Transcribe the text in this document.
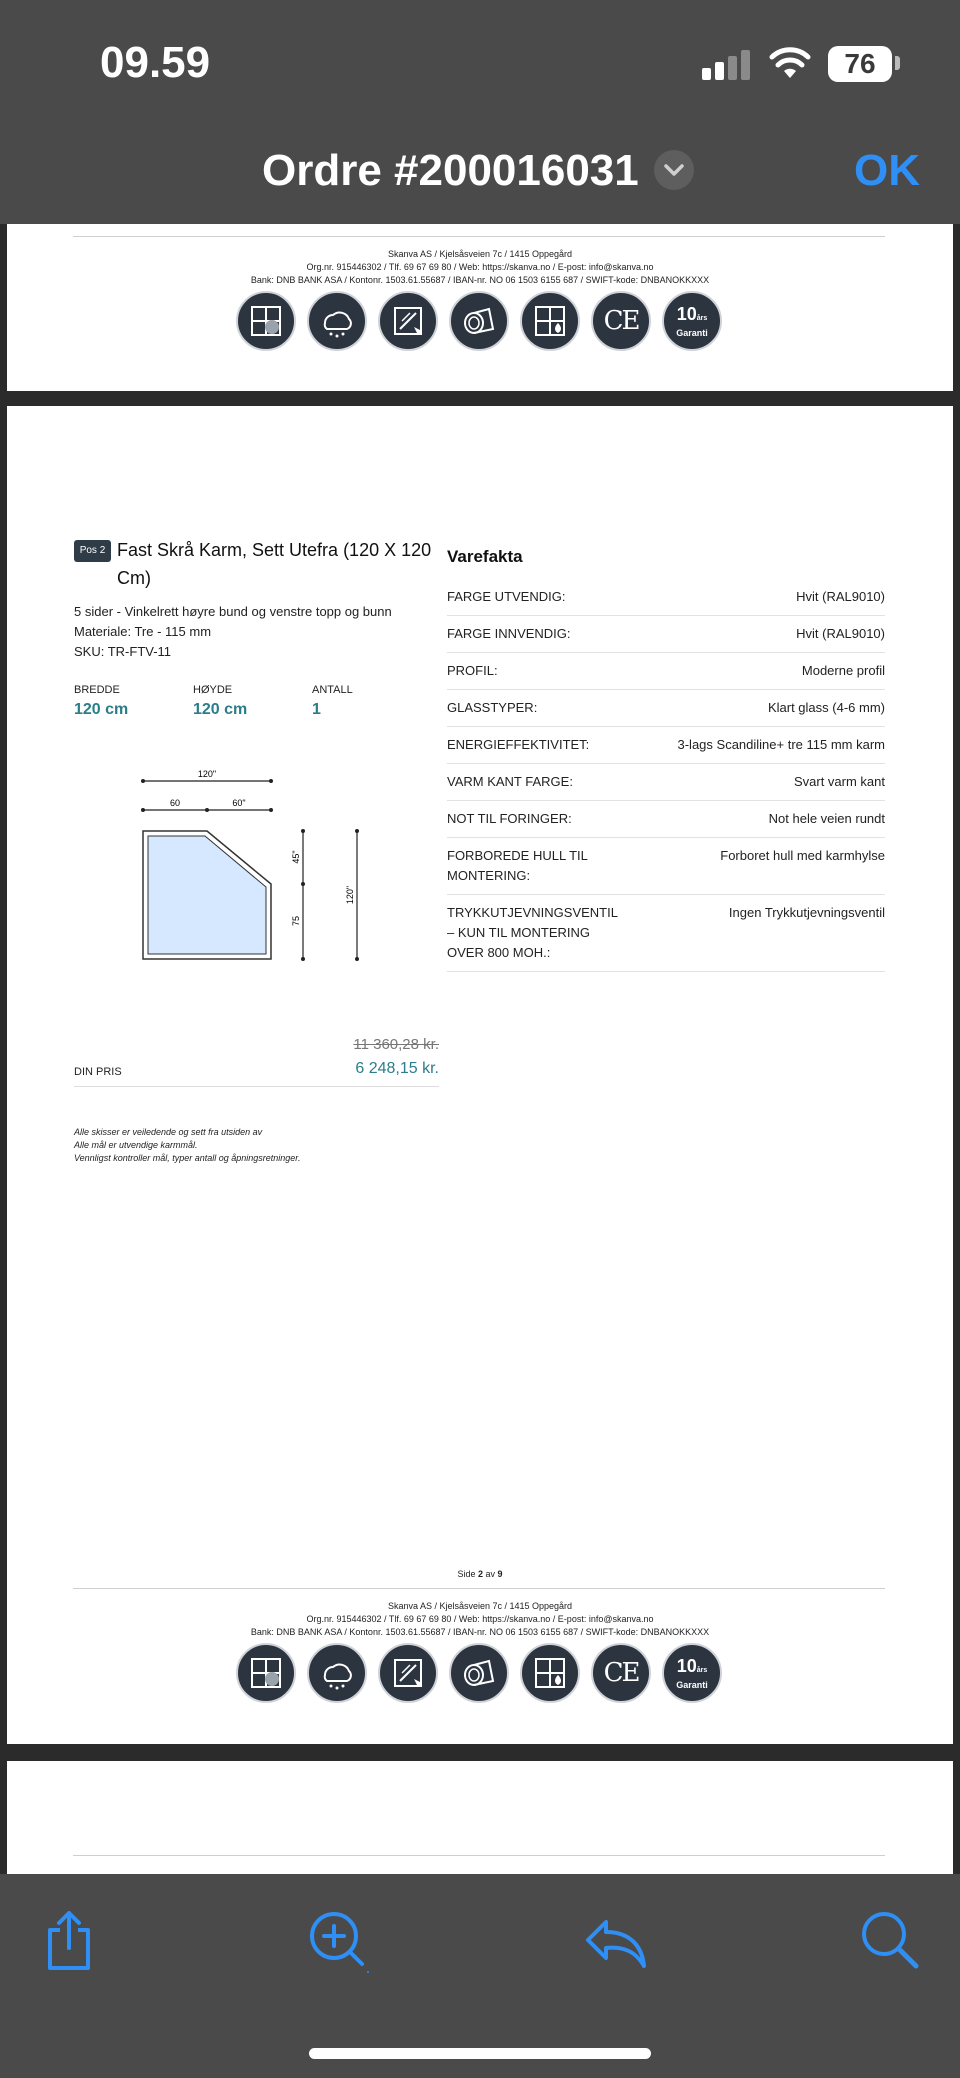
09.59	76
Ordre #200016031	OK
Skanva AS / Kjelsåsveien 7c / 1415 Oppegård
Org.nr. 915446302 / Tlf. 69 67 69 80 / Web: https://skanva.no / E-post: info@skanva.no
Bank: DNB BANK ASA / Kontonr. 1503.61.55687 / IBAN-nr. NO 06 1503 6155 687 / SWIFT-kode: DNBANOKKXXX
CE 10års
Garanti
Pos 2 Fast Skrå Karm, Sett Utefra (120 X 120 Cm)
5 sider - Vinkelrett høyre bund og venstre topp og bunn
Materiale: Tre - 115 mm
SKU: TR-FTV-11
BREDDE
120 cm
HØYDE
120 cm
ANTALL
1
120"
60	60"
45"
75
120"
11 360,28 kr.
DIN PRIS	6 248,15 kr.
Alle skisser er veiledende og sett fra utsiden av
Alle mål er utvendige karmmål.
Vennligst kontroller mål, typer antall og åpningsretninger.
Varefakta
FARGE UTVENDIG:	Hvit (RAL9010)
FARGE INNVENDIG:	Hvit (RAL9010)
PROFIL:	Moderne profil
GLASSTYPER:	Klart glass (4-6 mm)
ENERGIEFFEKTIVITET:	3-lags Scandiline+ tre 115 mm karm
VARM KANT FARGE:	Svart varm kant
NOT TIL FORINGER:	Not hele veien rundt
FORBOREDE HULL TIL MONTERING:
Forboret hull med karmhylse
TRYKKUTJEVNINGSVENTIL – KUN TIL MONTERING OVER 800 MOH.:
Ingen Trykkutjevningsventil
Side 2 av 9
Skanva AS / Kjelsåsveien 7c / 1415 Oppegård
Org.nr. 915446302 / Tlf. 69 67 69 80 / Web: https://skanva.no / E-post: info@skanva.no
Bank: DNB BANK ASA / Kontonr. 1503.61.55687 / IBAN-nr. NO 06 1503 6155 687 / SWIFT-kode: DNBANOKKXXX
CE 10års
Garanti
